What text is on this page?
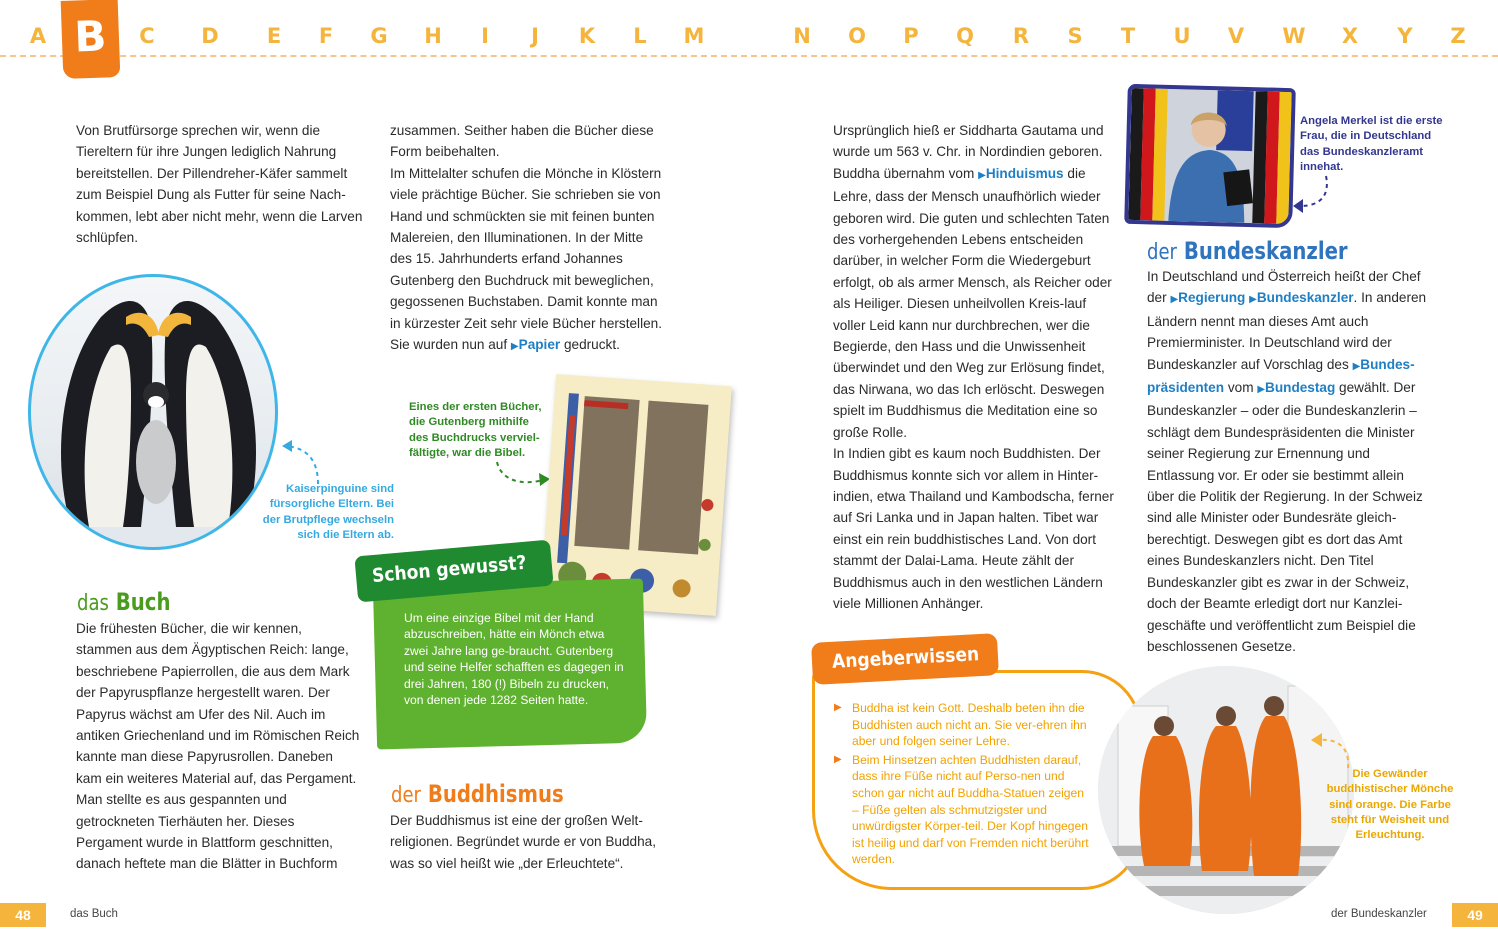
A	C	D	E	F	G	H	I	J	K	L	M	N O	P	Q	R	S	T	U	V	W	X	Y	Z
B

Von Brutfürsorge sprechen wir, wenn die Tiereltern für ihre Jungen lediglich Nahrung bereitstellen. Der Pillendreher-Käfer sammelt zum Beispiel Dung als Futter für seine Nach-kommen, lebt aber nicht mehr, wenn die Larven schlüpfen.

Kaiserpinguine sind fürsorgliche Eltern. Bei der Brutpflege wechseln sich die Eltern ab.
das Buch

Die frühesten Bücher, die wir kennen, stammen aus dem Ägyptischen Reich: lange, beschriebene Papierrollen, die aus dem Mark der Papyruspflanze hergestellt waren. Der Papyrus wächst am Ufer des Nil. Auch im antiken Griechenland und im Römischen Reich kannte man diese Papyrusrollen. Daneben kam ein weiteres Material auf, das Pergament. Man stellte es aus gespannten und getrockneten Tierhäuten her. Dieses Pergament wurde in Blattform geschnitten, danach heftete man die Blätter in Buchform

zusammen. Seither haben die Bücher diese Form beibehalten.

Im Mittelalter schufen die Mönche in Klöstern viele prächtige Bücher. Sie schrieben sie von Hand und schmückten sie mit feinen bunten Malereien, den Illuminationen. In der Mitte des 15. Jahrhunderts erfand Johannes Gutenberg den Buchdruck mit beweglichen, gegossenen Buchstaben. Damit konnte man in kürzester Zeit sehr viele Bücher herstellen. Sie wurden nun auf ▶Papier gedruckt.

Eines der ersten Bücher, die Gutenberg mithilfe des Buchdrucks verviel-fältigte, war die Bibel.
Schon gewusst?
Um eine einzige Bibel mit der Hand abzuschreiben, hätte ein Mönch etwa zwei Jahre lang ge-braucht. Gutenberg und seine Helfer schafften es dagegen in drei Jahren, 180 (!) Bibeln zu drucken, von denen jede 1282 Seiten hatte.
der Buddhismus

Der Buddhismus ist eine der großen Welt-religionen. Begründet wurde er von Buddha, was so viel heißt wie „der Erleuchtete“.

48	das Buch

Ursprünglich hieß er Siddharta Gautama und wurde um 563 v. Chr. in Nordindien geboren. Buddha übernahm vom ▶Hinduismus die Lehre, dass der Mensch unaufhörlich wieder geboren wird. Die guten und schlechten Taten des vorhergehenden Lebens entscheiden darüber, in welcher Form die Wiedergeburt erfolgt, ob als armer Mensch, als Reicher oder als Heiliger. Diesen unheilvollen Kreis-lauf voller Leid kann nur durchbrechen, wer die Begierde, den Hass und die Unwissenheit überwindet und den Weg zur Erlösung findet, das Nirwana, wo das Ich erlöscht. Deswegen spielt im Buddhismus die Meditation eine so große Rolle.

In Indien gibt es kaum noch Buddhisten. Der Buddhismus konnte sich vor allem in Hinter-indien, etwa Thailand und Kambodscha, ferner auf Sri Lanka und in Japan halten. Tibet war einst ein rein buddhistisches Land. Von dort stammt der Dalai-Lama. Heute zählt der Buddhismus auch in den westlichen Ländern viele Millionen Anhänger.

Angeberwissen
▶ Buddha ist kein Gott. Deshalb beten ihn die Buddhisten auch nicht an. Sie ver-ehren ihn aber und folgen seiner Lehre.
▶ Beim Hinsetzen achten Buddhisten darauf, dass ihre Füße nicht auf Perso-nen und schon gar nicht auf Buddha-Statuen zeigen – Füße gelten als schmutzigster und unwürdigster Körper-teil. Der Kopf hingegen ist heilig und darf von Fremden nicht berührt werden.
Die Gewänder buddhistischer Mönche sind orange. Die Farbe steht für Weisheit und Erleuchtung.
Angela Merkel ist die erste Frau, die in Deutschland das Bundeskanzleramt innehat.
der Bundeskanzler

In Deutschland und Österreich heißt der Chef der ▶Regierung ▶Bundeskanzler. In anderen Ländern nennt man dieses Amt auch Premierminister. In Deutschland wird der Bundeskanzler auf Vorschlag des ▶Bundes-präsidenten vom ▶Bundestag gewählt. Der Bundeskanzler – oder die Bundeskanzlerin – schlägt dem Bundespräsidenten die Minister seiner Regierung zur Ernennung und Entlassung vor. Er oder sie bestimmt allein über die Politik der Regierung. In der Schweiz sind alle Minister oder Bundesräte gleich-berechtigt. Deswegen gibt es dort das Amt eines Bundeskanzlers nicht. Den Titel Bundeskanzler gibt es zwar in der Schweiz, doch der Beamte erledigt dort nur Kanzlei-geschäfte und veröffentlicht zum Beispiel die beschlossenen Gesetze.

der Bundeskanzler	49
